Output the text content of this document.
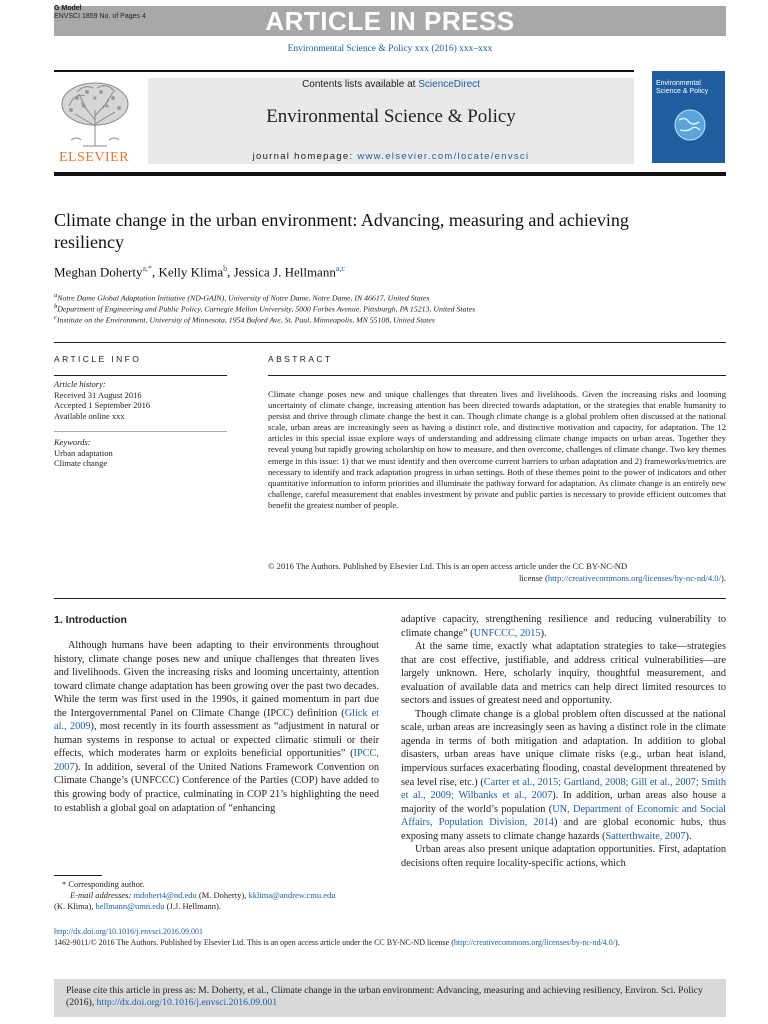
ARTICLE IN PRESS
G Model
ENVSCI 1859 No. of Pages 4
Environmental Science & Policy xxx (2016) xxx–xxx
Contents lists available at ScienceDirect
Environmental Science & Policy
journal homepage: www.elsevier.com/locate/envsci
ELSEVIER
Environmental Science & Policy
Climate change in the urban environment: Advancing, measuring and achieving resiliency
Meghan Doherty$^{a,*}$, Kelly Klima$^b$, Jessica J. Hellmann$^{a,c}$
$^a$Notre Dame Global Adaptation Initiative (ND-GAIN), University of Notre Dame, Notre Dame, IN 46617, United States
$^b$Department of Engineering and Public Policy, Carnegie Mellon University, 5000 Forbes Avenue, Pittsburgh, PA 15213, United States
$^c$Institute on the Environment, University of Minnesota, 1954 Buford Ave, St. Paul, Minneapolis, MN 55108, United States
ARTICLE INFO
Article history:
Received 31 August 2016
Accepted 1 September 2016
Available online xxx
Keywords:
Urban adaptation
Climate change
ABSTRACT
Climate change poses new and unique challenges that threaten lives and livelihoods. Given the increasing risks and looming uncertainty of climate change, increasing attention has been directed towards adaptation, or the strategies that enable humanity to persist and thrive through climate change the best it can. Though climate change is a global problem often discussed at the national scale, urban areas are increasingly seen as having a distinct role, and distinctive motivation and capacity, for adaptation. The 12 articles in this special issue explore ways of understanding and addressing climate change impacts on urban areas. Together they reveal young but rapidly growing scholarship on how to measure, and then overcome, challenges of climate change. Two key themes emerge in this issue: 1) that we must identify and then overcome current barriers to urban adaptation and 2) frameworks/metrics are necessary to identify and track adaptation progress in urban settings. Both of these themes point to the power of indicators and other quantitative information to inform priorities and illuminate the pathway forward for adaptation. As climate change is an entirely new challenge, careful measurement that enables investment by private and public parties is necessary to provide efficient outcomes that benefit the greatest number of people.
© 2016 The Authors. Published by Elsevier Ltd. This is an open access article under the CC BY-NC-ND
license (http://creativecommons.org/licenses/by-nc-nd/4.0/).
1. Introduction

Although humans have been adapting to their environments throughout history, climate change poses new and unique challenges that threaten lives and livelihoods. Given the increasing risks and looming uncertainty, attention toward climate change adaptation has been growing over the past two decades. While the term was first used in the 1990s, it gained momentum in part due the Intergovernmental Panel on Climate Change (IPCC) definition (Glick et al., 2009), most recently in its fourth assessment as “adjustment in natural or human systems in response to actual or expected climatic stimuli or their effects, which moderates harm or exploits beneficial opportunities” (IPCC, 2007). In addition, several of the United Nations Framework Convention on Climate Change’s (UNFCCC) Conference of the Parties (COP) have added to this growing body of practice, culminating in COP 21’s highlighting the need to establish a global goal on adaptation of “enhancing

adaptive capacity, strengthening resilience and reducing vulnerability to climate change” (UNFCCC, 2015).

At the same time, exactly what adaptation strategies to take—strategies that are cost effective, justifiable, and address critical vulnerabilities—are largely unknown. Here, scholarly inquiry, thoughtful measurement, and evaluation of available data and metrics can help direct limited resources to sectors and issues of greatest need and opportunity.

Though climate change is a global problem often discussed at the national scale, urban areas are increasingly seen as having a distinct role in the climate agenda in terms of both mitigation and adaptation. In addition to global disasters, urban areas have unique climate risks (e.g., urban heat island, impervious surfaces exacerbating flooding, coastal development threatened by sea level rise, etc.) (Carter et al., 2015; Gartland, 2008; Gill et al., 2007; Smith et al., 2009; Wilbanks et al., 2007). In addition, urban areas also house a majority of the world’s population (UN, Department of Economic and Social Affairs, Population Division, 2014) and are global economic hubs, thus exposing many assets to climate change hazards (Satterthwaite, 2007).

Urban areas also present unique adaptation opportunities. First, adaptation decisions often require locality-specific actions, which

* Corresponding author.
E-mail addresses: mdohert4@nd.edu (M. Doherty), kklima@andrew.cmu.edu
(K. Klima), hellmann@umn.edu (J.J. Hellmann).
http://dx.doi.org/10.1016/j.envsci.2016.09.001
1462-9011/© 2016 The Authors. Published by Elsevier Ltd. This is an open access article under the CC BY-NC-ND license (http://creativecommons.org/licenses/by-nc-nd/4.0/).
Please cite this article in press as: M. Doherty, et al., Climate change in the urban environment: Advancing, measuring and achieving resiliency, Environ. Sci. Policy (2016), http://dx.doi.org/10.1016/j.envsci.2016.09.001
